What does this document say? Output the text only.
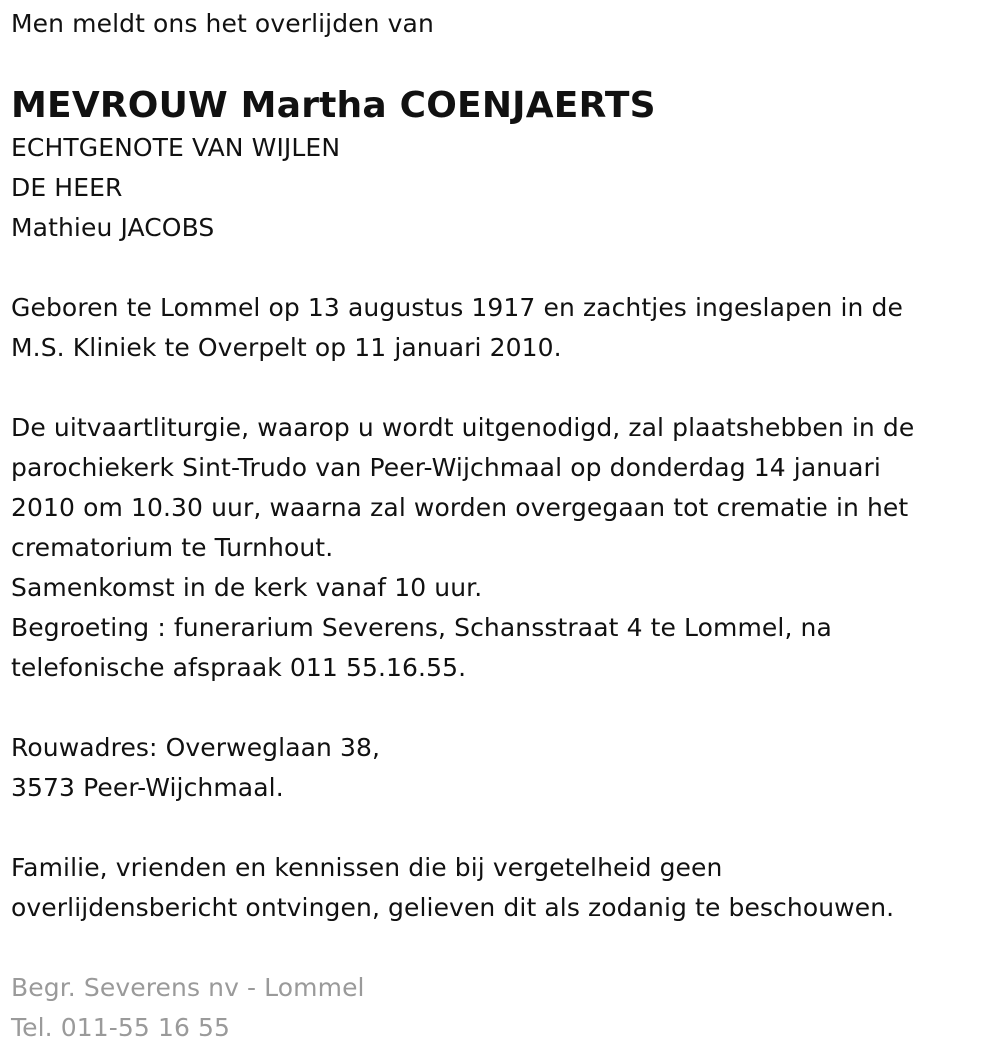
Men meldt ons het overlijden van
MEVROUW Martha COENJAERTS
ECHTGENOTE VAN WIJLEN
DE HEER
Mathieu JACOBS
Geboren te Lommel op 13 augustus 1917 en zachtjes ingeslapen in de
M.S. Kliniek te Overpelt op 11 januari 2010.
De uitvaartliturgie, waarop u wordt uitgenodigd, zal plaatshebben in de
parochiekerk Sint-Trudo van Peer-Wijchmaal op donderdag 14 januari
2010 om 10.30 uur, waarna zal worden overgegaan tot crematie in het
crematorium te Turnhout.
Samenkomst in de kerk vanaf 10 uur.
Begroeting : funerarium Severens, Schansstraat 4 te Lommel, na
telefonische afspraak 011 55.16.55.
Rouwadres: Overweglaan 38,
3573 Peer-Wijchmaal.
Familie, vrienden en kennissen die bij vergetelheid geen
overlijdensbericht ontvingen, gelieven dit als zodanig te beschouwen.
Begr. Severens nv - Lommel
Tel. 011-55 16 55
